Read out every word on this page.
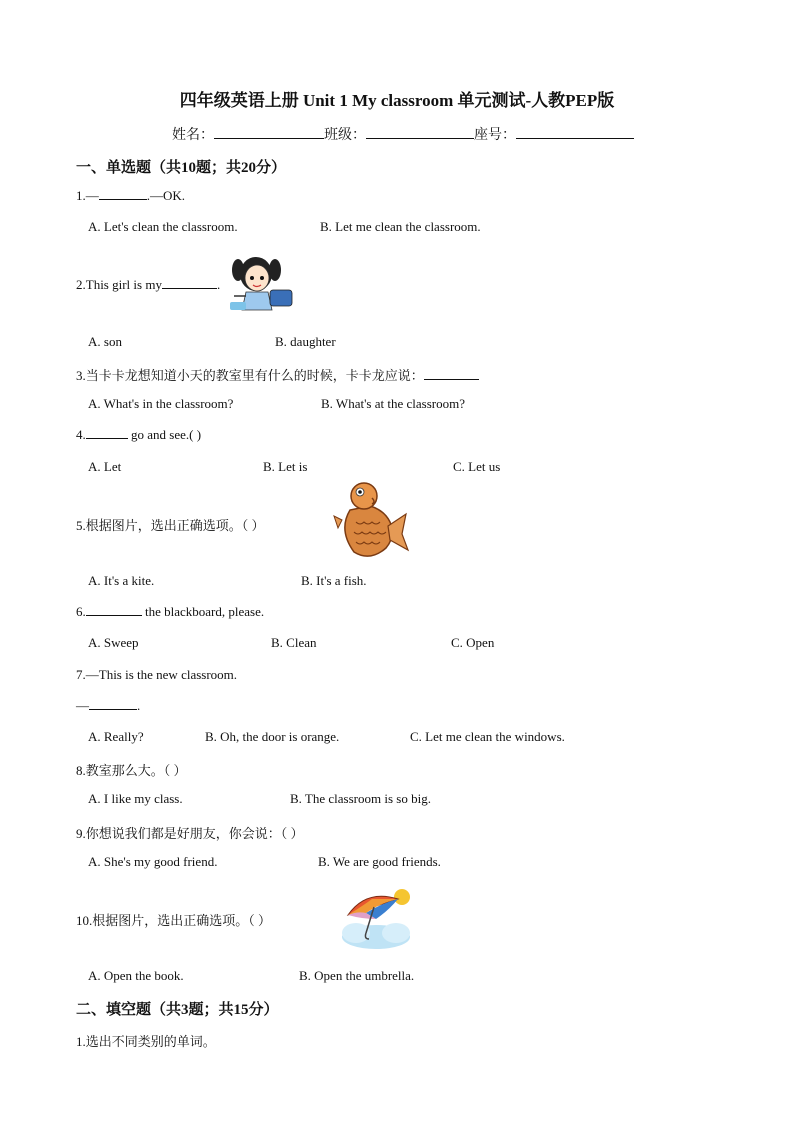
四年级英语上册 Unit 1 My classroom 单元测试-人教PEP版
姓名：	班级：	座号：
一、单选题（共10题；共20分）
1.—	.—OK.
A. Let's clean the classroom.	B. Let me clean the classroom.
2.This girl is my	.
A. son	B. daughter
3.当卡卡龙想知道小天的教室里有什么的时候，卡卡龙应说：
A. What's in the classroom?	B. What's at the classroom?
4.	go and see.( )
A. Let	B. Let is	C. Let us
5.根据图片，选出正确选项。（ ）
A. It's a kite.	B. It's a fish.
6.	the blackboard, please.
A. Sweep	B. Clean	C. Open
7.—This is the new classroom.
—	.
A. Really?	B. Oh, the door is orange.	C. Let me clean the windows.
8.教室那么大。（ ）
A. I like my class.	B. The classroom is so big.
9.你想说我们都是好朋友，你会说：（ ）
A. She's my good friend.	B. We are good friends.
10.根据图片，选出正确选项。（ ）
A. Open the book.	B. Open the umbrella.
二、填空题（共3题；共15分）
1.选出不同类别的单词。
